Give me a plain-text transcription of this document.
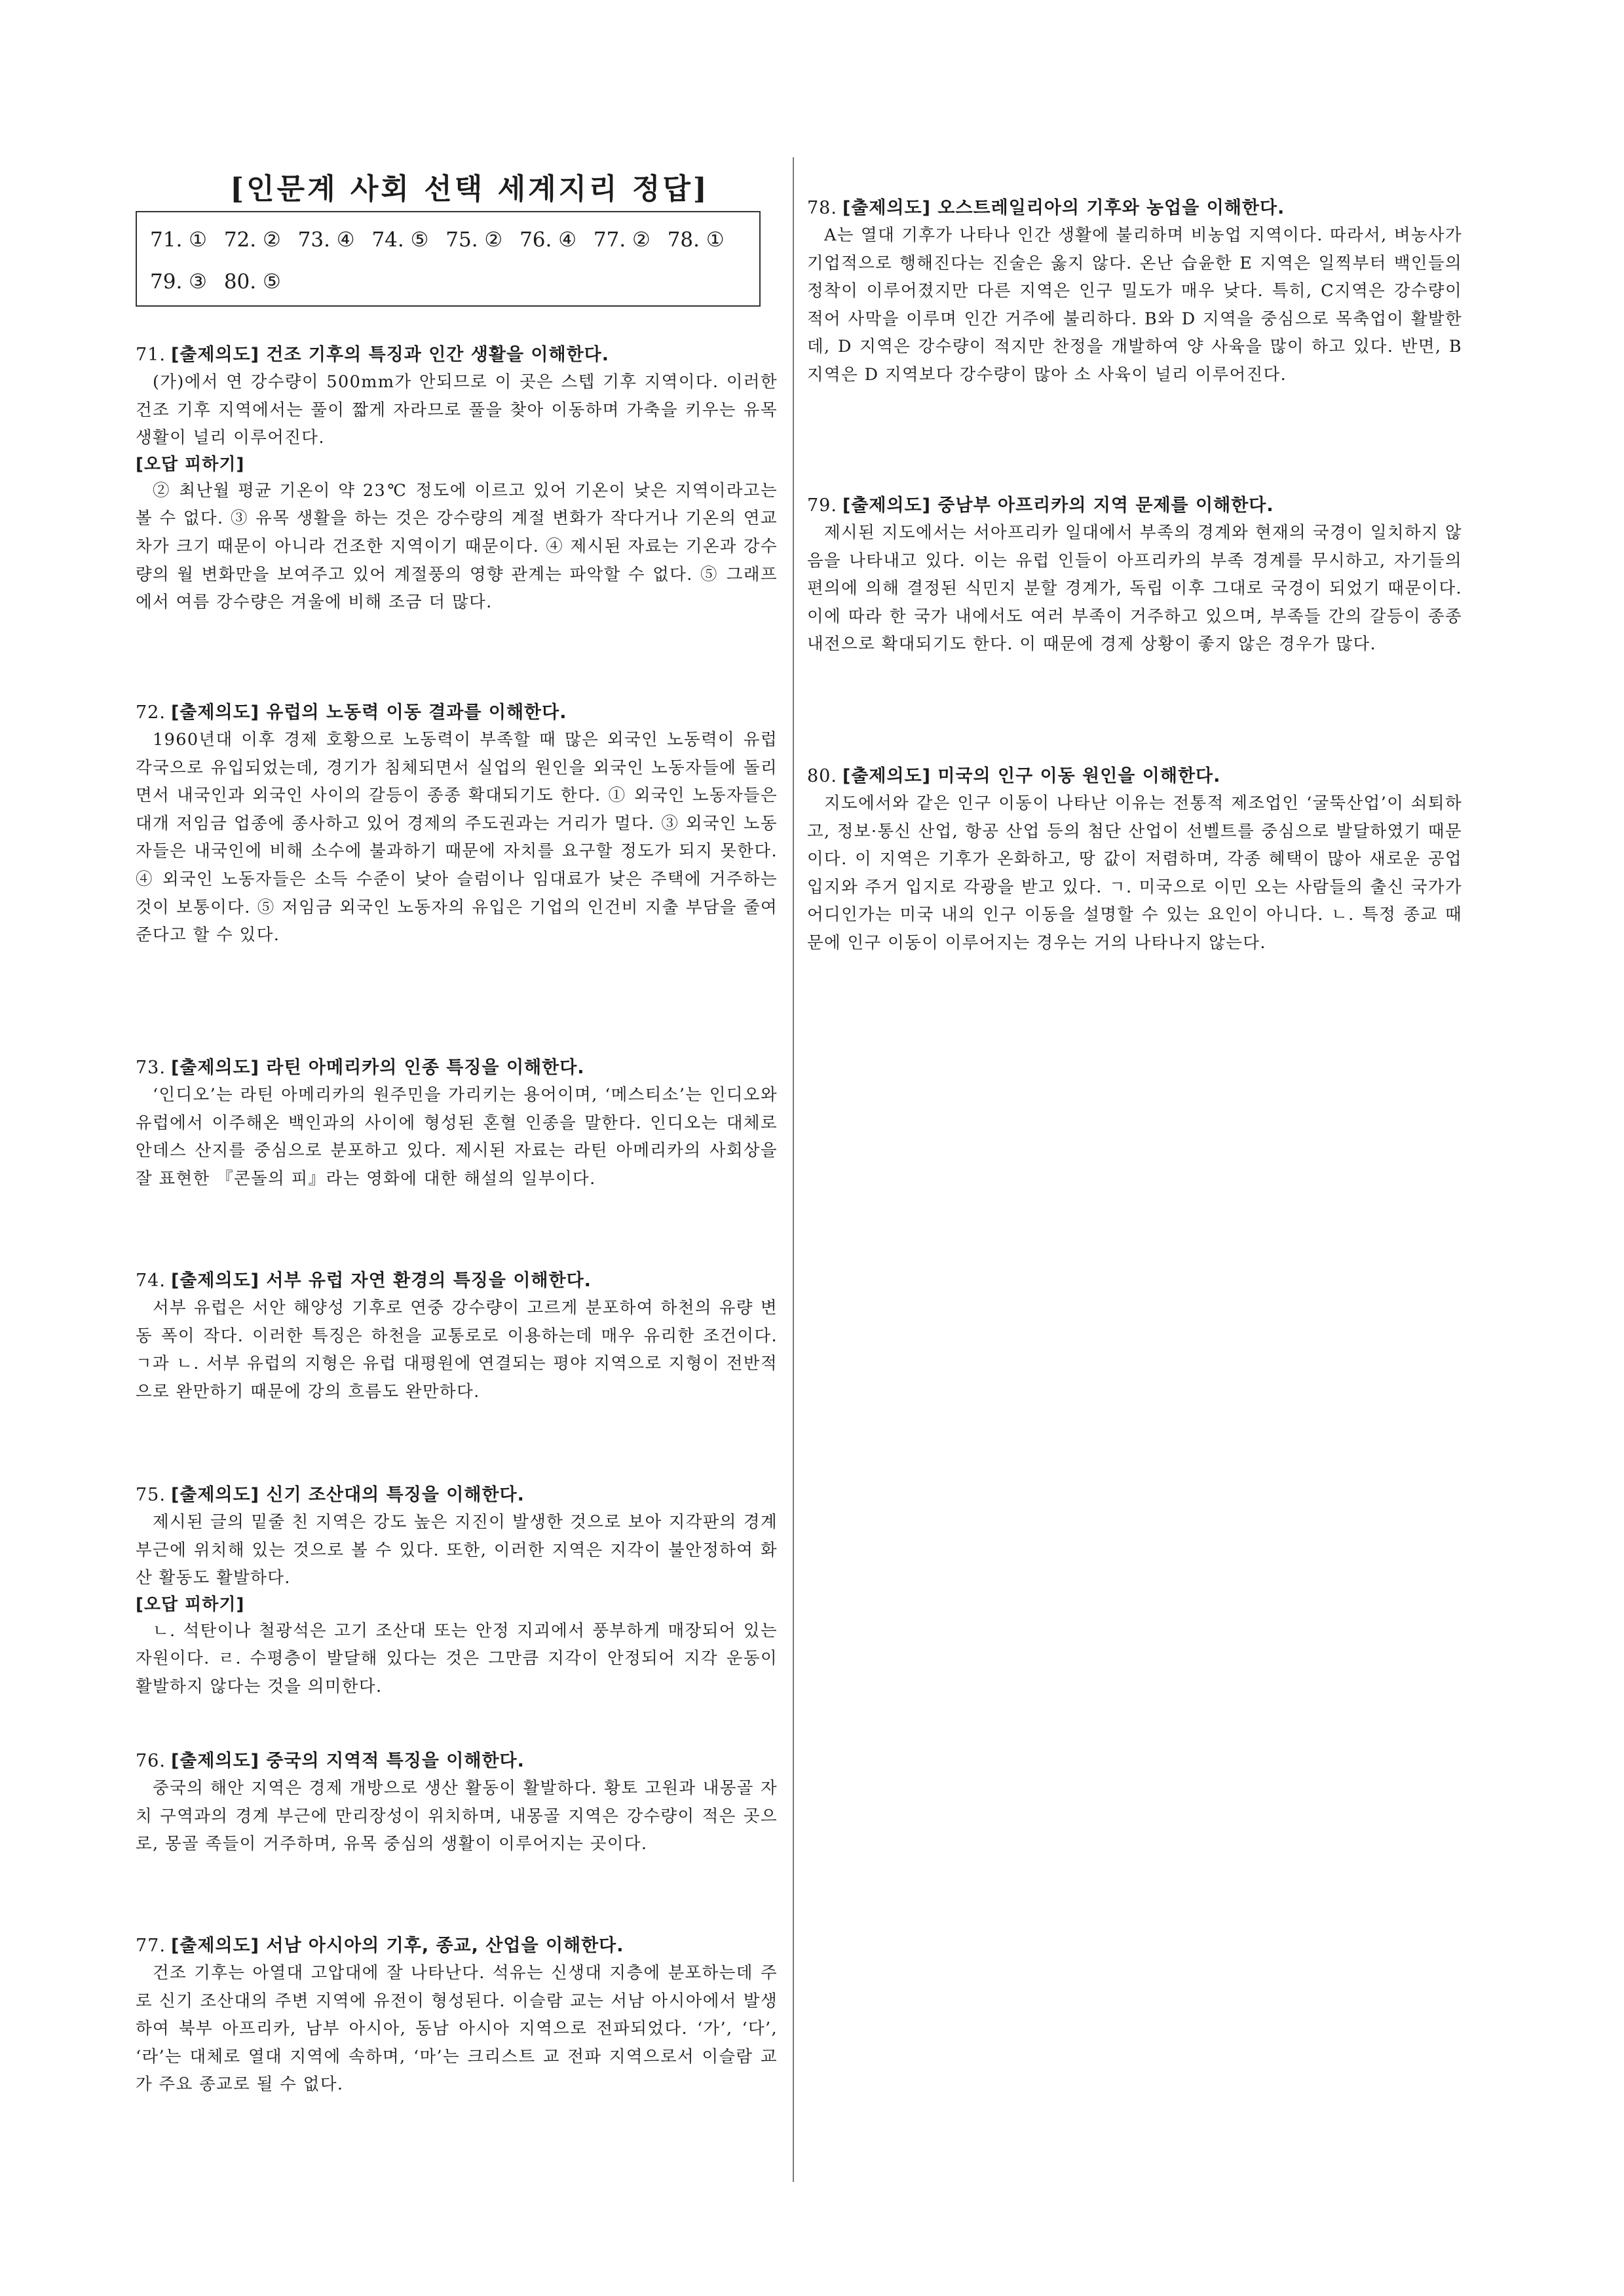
[인문계 사회 선택 세계지리 정답]
71. ① 72. ② 73. ④ 74. ⑤ 75. ② 76. ④ 77. ② 78. ①
79. ③ 80. ⑤
71. [출제의도] 건조 기후의 특징과 인간 생활을 이해한다.

(가)에서 연 강수량이 500mm가 안되므로 이 곳은 스텝 기후 지역이다. 이러한 건조 기후 지역에서는 풀이 짧게 자라므로 풀을 찾아 이동하며 가축을 키우는 유목 생활이 널리 이루어진다.

[오답 피하기]

② 최난월 평균 기온이 약 23℃ 정도에 이르고 있어 기온이 낮은 지역이라고는 볼 수 없다. ③ 유목 생활을 하는 것은 강수량의 계절 변화가 작다거나 기온의 연교차가 크기 때문이 아니라 건조한 지역이기 때문이다. ④ 제시된 자료는 기온과 강수량의 월 변화만을 보여주고 있어 계절풍의 영향 관계는 파악할 수 없다. ⑤ 그래프에서 여름 강수량은 겨울에 비해 조금 더 많다.

72. [출제의도] 유럽의 노동력 이동 결과를 이해한다.

1960년대 이후 경제 호황으로 노동력이 부족할 때 많은 외국인 노동력이 유럽 각국으로 유입되었는데, 경기가 침체되면서 실업의 원인을 외국인 노동자들에 돌리면서 내국인과 외국인 사이의 갈등이 종종 확대되기도 한다. ① 외국인 노동자들은 대개 저임금 업종에 종사하고 있어 경제의 주도권과는 거리가 멀다. ③ 외국인 노동자들은 내국인에 비해 소수에 불과하기 때문에 자치를 요구할 정도가 되지 못한다. ④ 외국인 노동자들은 소득 수준이 낮아 슬럼이나 임대료가 낮은 주택에 거주하는 것이 보통이다. ⑤ 저임금 외국인 노동자의 유입은 기업의 인건비 지출 부담을 줄여준다고 할 수 있다.

73. [출제의도] 라틴 아메리카의 인종 특징을 이해한다.

‘인디오’는 라틴 아메리카의 원주민을 가리키는 용어이며, ‘메스티소’는 인디오와 유럽에서 이주해온 백인과의 사이에 형성된 혼혈 인종을 말한다. 인디오는 대체로 안데스 산지를 중심으로 분포하고 있다. 제시된 자료는 라틴 아메리카의 사회상을 잘 표현한 『콘돌의 피』라는 영화에 대한 해설의 일부이다.

74. [출제의도] 서부 유럽 자연 환경의 특징을 이해한다.

서부 유럽은 서안 해양성 기후로 연중 강수량이 고르게 분포하여 하천의 유량 변동 폭이 작다. 이러한 특징은 하천을 교통로로 이용하는데 매우 유리한 조건이다. ㄱ과 ㄴ. 서부 유럽의 지형은 유럽 대평원에 연결되는 평야 지역으로 지형이 전반적으로 완만하기 때문에 강의 흐름도 완만하다.

75. [출제의도] 신기 조산대의 특징을 이해한다.

제시된 글의 밑줄 친 지역은 강도 높은 지진이 발생한 것으로 보아 지각판의 경계 부근에 위치해 있는 것으로 볼 수 있다. 또한, 이러한 지역은 지각이 불안정하여 화산 활동도 활발하다.

[오답 피하기]

ㄴ. 석탄이나 철광석은 고기 조산대 또는 안정 지괴에서 풍부하게 매장되어 있는 자원이다. ㄹ. 수평층이 발달해 있다는 것은 그만큼 지각이 안정되어 지각 운동이 활발하지 않다는 것을 의미한다.

76. [출제의도] 중국의 지역적 특징을 이해한다.

중국의 해안 지역은 경제 개방으로 생산 활동이 활발하다. 황토 고원과 내몽골 자치 구역과의 경계 부근에 만리장성이 위치하며, 내몽골 지역은 강수량이 적은 곳으로, 몽골 족들이 거주하며, 유목 중심의 생활이 이루어지는 곳이다.

77. [출제의도] 서남 아시아의 기후, 종교, 산업을 이해한다.

건조 기후는 아열대 고압대에 잘 나타난다. 석유는 신생대 지층에 분포하는데 주로 신기 조산대의 주변 지역에 유전이 형성된다. 이슬람 교는 서남 아시아에서 발생하여 북부 아프리카, 남부 아시아, 동남 아시아 지역으로 전파되었다. ‘가’, ‘다’, ‘라’는 대체로 열대 지역에 속하며, ‘마’는 크리스트 교 전파 지역으로서 이슬람 교가 주요 종교로 될 수 없다.

78. [출제의도] 오스트레일리아의 기후와 농업을 이해한다.

A는 열대 기후가 나타나 인간 생활에 불리하며 비농업 지역이다. 따라서, 벼농사가 기업적으로 행해진다는 진술은 옳지 않다. 온난 습윤한 E 지역은 일찍부터 백인들의 정착이 이루어졌지만 다른 지역은 인구 밀도가 매우 낮다. 특히, C지역은 강수량이 적어 사막을 이루며 인간 거주에 불리하다. B와 D 지역을 중심으로 목축업이 활발한데, D 지역은 강수량이 적지만 찬정을 개발하여 양 사육을 많이 하고 있다. 반면, B 지역은 D 지역보다 강수량이 많아 소 사육이 널리 이루어진다.

79. [출제의도] 중남부 아프리카의 지역 문제를 이해한다.

제시된 지도에서는 서아프리카 일대에서 부족의 경계와 현재의 국경이 일치하지 않음을 나타내고 있다. 이는 유럽 인들이 아프리카의 부족 경계를 무시하고, 자기들의 편의에 의해 결정된 식민지 분할 경계가, 독립 이후 그대로 국경이 되었기 때문이다. 이에 따라 한 국가 내에서도 여러 부족이 거주하고 있으며, 부족들 간의 갈등이 종종 내전으로 확대되기도 한다. 이 때문에 경제 상황이 좋지 않은 경우가 많다.

80. [출제의도] 미국의 인구 이동 원인을 이해한다.

지도에서와 같은 인구 이동이 나타난 이유는 전통적 제조업인 ‘굴뚝산업’이 쇠퇴하고, 정보·통신 산업, 항공 산업 등의 첨단 산업이 선벨트를 중심으로 발달하였기 때문이다. 이 지역은 기후가 온화하고, 땅 값이 저렴하며, 각종 혜택이 많아 새로운 공업 입지와 주거 입지로 각광을 받고 있다. ㄱ. 미국으로 이민 오는 사람들의 출신 국가가 어디인가는 미국 내의 인구 이동을 설명할 수 있는 요인이 아니다. ㄴ. 특정 종교 때문에 인구 이동이 이루어지는 경우는 거의 나타나지 않는다.
